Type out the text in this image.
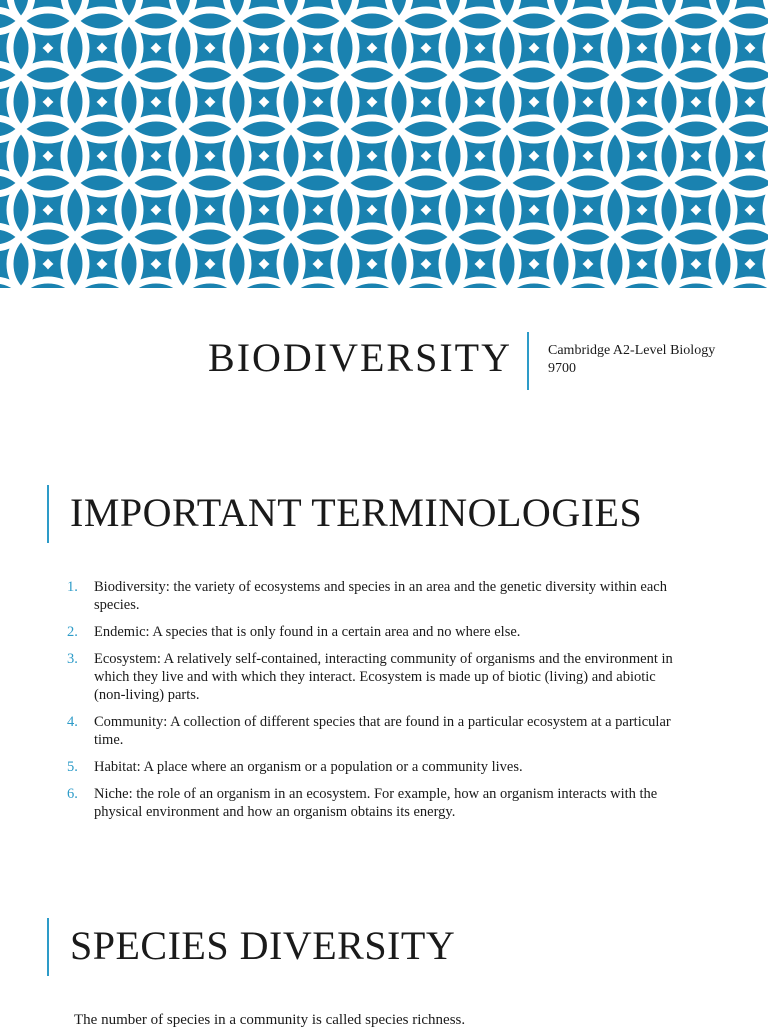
BIODIVERSITY	Cambridge A2-Level Biology
9700
IMPORTANT TERMINOLOGIES
1. Biodiversity: the variety of ecosystems and species in an area and the genetic diversity within each species.
2. Endemic: A species that is only found in a certain area and no where else.
3. Ecosystem: A relatively self-contained, interacting community of organisms and the environment in which they live and with which they interact. Ecosystem is made up of biotic (living) and abiotic (non-living) parts.
4. Community: A collection of different species that are found in a particular ecosystem at a particular time.
5. Habitat: A place where an organism or a population or a community lives.
6. Niche: the role of an organism in an ecosystem. For example, how an organism interacts with the physical environment and how an organism obtains its energy.
SPECIES DIVERSITY
The number of species in a community is called species richness.
